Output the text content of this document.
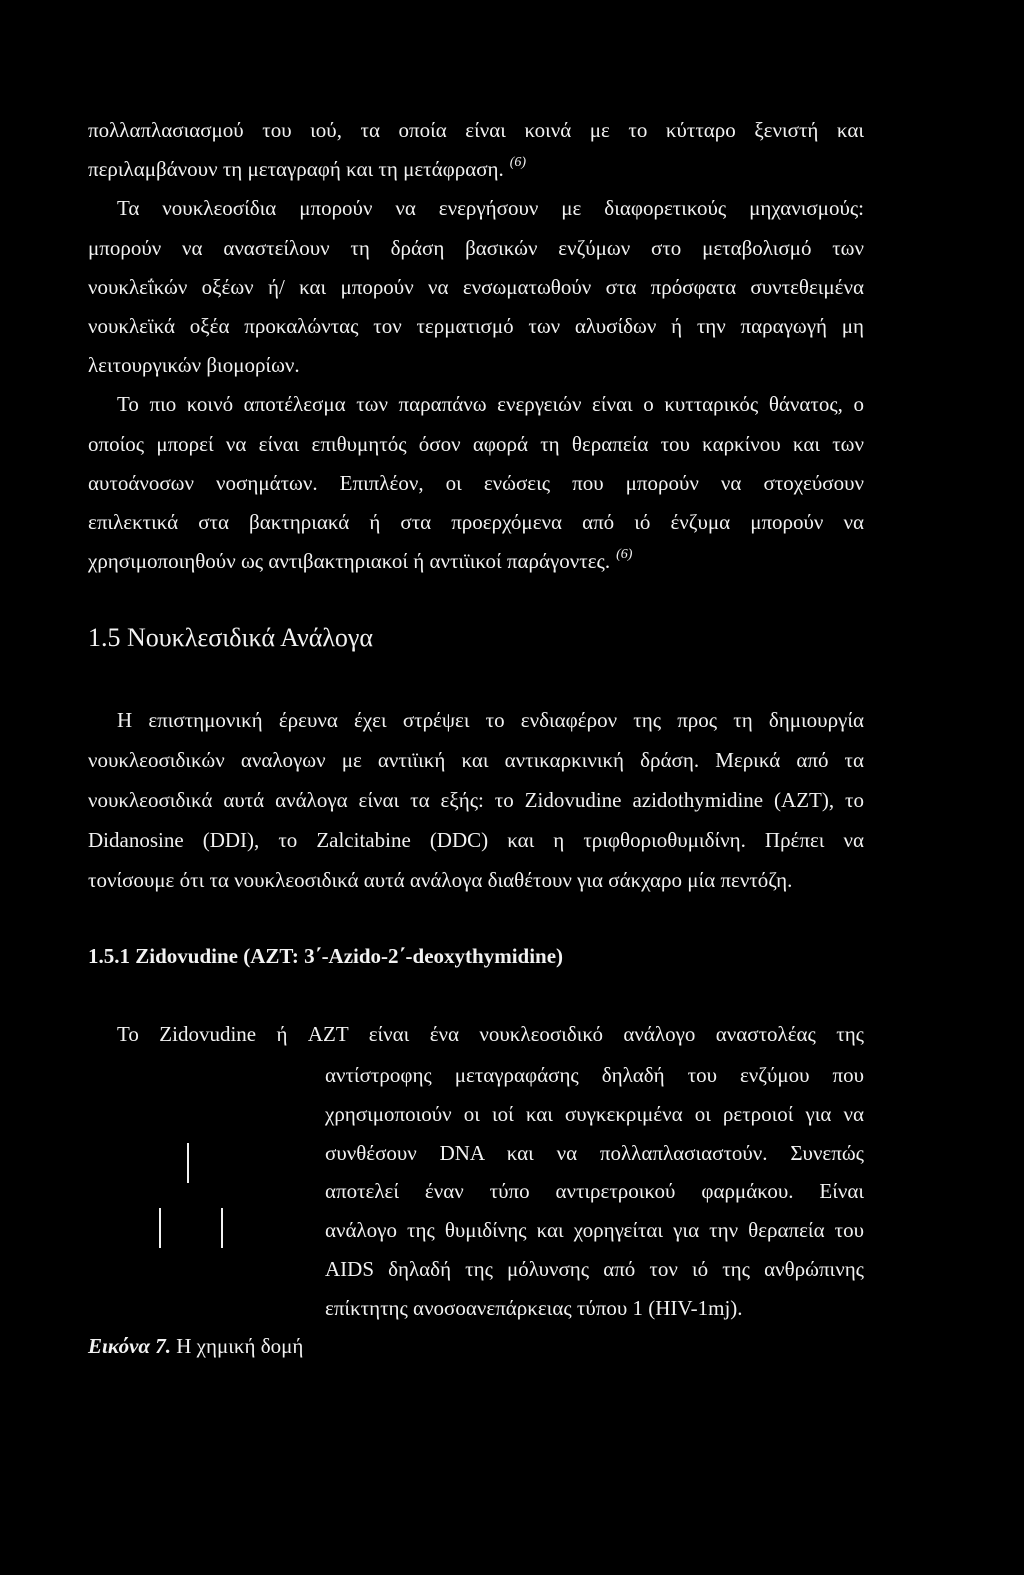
πολλαπλασιασμού του ιού, τα οποία είναι κοινά με το κύτταρο ξενιστή και
περιλαμβάνουν τη μεταγραφή και τη μετάφραση. $^{(6)}$
Τα νουκλεοσίδια μπορούν να ενεργήσουν με διαφορετικούς μηχανισμούς:
μπορούν να αναστείλουν τη δράση βασικών ενζύμων στο μεταβολισμό των
νουκλεΐκών οξέων ή/ και μπορούν να ενσωματωθούν στα πρόσφατα συντεθειμένα
νουκλεϊκά οξέα προκαλώντας τον τερματισμό των αλυσίδων ή την παραγωγή μη
λειτουργικών βιομορίων.
Το πιο κοινό αποτέλεσμα των παραπάνω ενεργειών είναι ο κυτταρικός θάνατος, ο
οποίος μπορεί να είναι επιθυμητός όσον αφορά τη θεραπεία του καρκίνου και των
αυτοάνοσων νοσημάτων. Επιπλέον, οι ενώσεις που μπορούν να στοχεύσουν
επιλεκτικά στα βακτηριακά ή στα προερχόμενα από ιό ένζυμα μπορούν να
χρησιμοποιηθούν ως αντιβακτηριακοί ή αντιϊικοί παράγοντες. $^{(6)}$
1.5 Νουκλεσιδικά Ανάλογα
Η επιστημονική έρευνα έχει στρέψει το ενδιαφέρον της προς τη δημιουργία
νουκλεοσιδικών αναλογων με αντιϊική και αντικαρκινική δράση. Μερικά από τα
νουκλεοσιδικά αυτά ανάλογα είναι τα εξής: το Zidovudine azidothymidine (AZT), το
Didanosine (DDI), το Zalcitabine (DDC) και η τριφθοριοθυμιδίνη. Πρέπει να
τονίσουμε ότι τα νουκλεοσιδικά αυτά ανάλογα διαθέτουν για σάκχαρο μία πεντόζη.
1.5.1 Zidovudine (AZT: 3΄-Azido-2΄-deoxythymidine)
Το Zidovudine ή AZT είναι ένα νουκλεοσιδικό ανάλογο αναστολέας της
αντίστροφης μεταγραφάσης δηλαδή του ενζύμου που
χρησιμοποιούν οι ιοί και συγκεκριμένα οι ρετροιοί για να
συνθέσουν DNA και να πολλαπλασιαστούν. Συνεπώς
αποτελεί έναν τύπο αντιρετροικού φαρμάκου. Είναι
ανάλογο της θυμιδίνης και χορηγείται για την θεραπεία του
AIDS δηλαδή της μόλυνσης από τον ιό της ανθρώπινης
επίκτητης ανοσοανεπάρκειας τύπου 1 (HIV-1mj).
Εικόνα 7. Η χημική δομή
